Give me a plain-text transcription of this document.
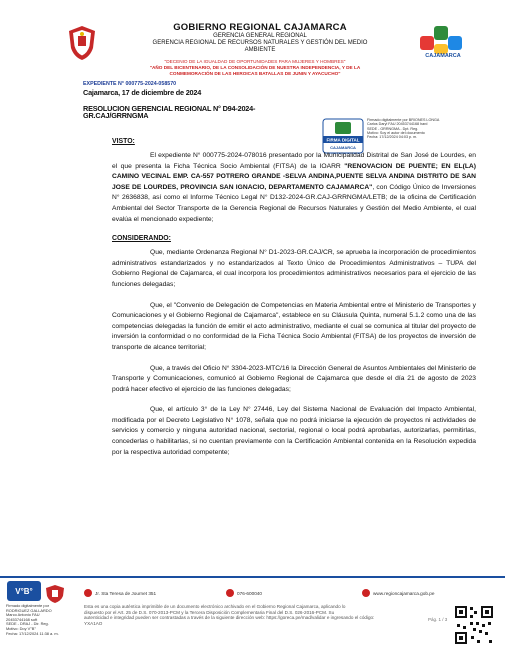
GOBIERNO REGIONAL CAJAMARCA
GERENCIA GENERAL REGIONAL
GERENCIA REGIONAL DE RECURSOS NATURALES Y GESTIÓN DEL MEDIO
AMBIENTE
"DECENIO DE LA IGUALDAD DE OPORTUNIDADES PARA MUJERES Y HOMBRES"
"AÑO DEL BICENTENARIO, DE LA CONSOLIDACIÓN DE NUESTRA INDEPENDENCIA, Y DE LA
CONMEMORACIÓN DE LAS HEROICAS BATALLAS DE JUNIN Y AYACUCHO"
CAJAMARCA
EXPEDIENTE N° 000775-2024-058570
Cajamarca, 17 de diciembre de 2024
RESOLUCION GERENCIAL REGIONAL N° D94-2024-
GR.CAJ/GRRNGMA
FIRMA DIGITAL
CAJAMARCA
Firmado digitalmente por BRIONES LONGA
Carlos Daryl FAU 20453744168 hard
SEDE - GRRNGMA - Dpt. Reg.
Motivo: Soy el autor del documento
Fecha: 17/12/2024 04:03 p. m.
VISTO:
El expediente N° 000775-2024-078016 presentado por la Municipalidad Distrital de San José de Lourdes, en el que presenta la Ficha Técnica Socio Ambiental (FITSA) de la IOARR "RENOVACION DE PUENTE; EN EL(LA) CAMINO VECINAL EMP. CA-557 POTRERO GRANDE -SELVA ANDINA,PUENTE SELVA ANDINA DISTRITO DE SAN JOSE DE LOURDES, PROVINCIA SAN IGNACIO, DEPARTAMENTO CAJAMARCA", con Código Único de Inversiones N° 2636838, así como el Informe Técnico Legal N° D132-2024-GR.CAJ-GRRNGMA/LETB; de la oficina de Certificación Ambiental del Sector Transporte de la Gerencia Regional de Recursos Naturales y Gestión del Medio Ambiente, el cual evalúa el mencionado expediente;
CONSIDERANDO:
Que, mediante Ordenanza Regional N° D1-2023-GR.CAJ/CR, se aprueba la incorporación de procedimientos administrativos estandarizados y no estandarizados al Texto Único de Procedimientos Administrativos – TUPA del Gobierno Regional de Cajamarca, el cual incorpora los procedimientos administrativos necesarios para el ejercicio de las funciones delegadas;
Que, el "Convenio de Delegación de Competencias en Materia Ambiental entre el Ministerio de Transportes y Comunicaciones y el Gobierno Regional de Cajamarca", establece en su Cláusula Quinta, numeral 5.1.2 como una de las competencias delegadas la función de emitir el acto administrativo, mediante el cual se comunica al titular del proyecto de inversión la conformidad o no conformidad de la Ficha Técnica Socio Ambiental (FITSA) de los proyectos de inversión de transporte de alcance territorial;
Que, a través del Oficio N° 3304-2023-MTC/16 la Dirección General de Asuntos Ambientales del Ministerio de Transporte y Comunicaciones, comunicó al Gobierno Regional de Cajamarca que desde el día 21 de agosto de 2023 podrá hacer efectivo el ejercicio de las funciones delegadas;
Que, el artículo 3° de la Ley N° 27446, Ley del Sistema Nacional de Evaluación del Impacto Ambiental, modificada por el Decreto Legislativo N° 1078, señala que no podrá iniciarse la ejecución de proyectos ni actividades de servicios y comercio y ninguna autoridad nacional, sectorial, regional o local podrá aprobarlas, autorizarlas, permitirlas, concederlas o habilitarlas, si no cuentan previamente con la Certificación Ambiental contenida en la Resolución expedida por la respectiva autoridad competente;
V°B°
Firmado digitalmente por
RODRIGUEZ GALLARDO
Marco Antonio FAU
20453744168 soft
SEDE - DRAJ - Dir. Reg.
Motivo: Doy V°B°
Fecha: 17/12/2024 11:38 a. m.
Jr. Sta Teresa de Journet 351	076-600040	www.regioncajamarca.gob.pe
Esta es una copia auténtica imprimible de un documento electrónico archivado en el Gobierno Regional Cajamarca, aplicando lo
dispuesto por el Art. 25 de D.S. 070-2013-PCM y la Tercera Disposición Complementaria Final del D.S. 026-2016-PCM. Su
autenticidad e integridad pueden ser contrastadas a través de la siguiente dirección web: https://goreca.pe/mad/validar e ingresando el código:
YXA1AO
Pág. 1 / 3
